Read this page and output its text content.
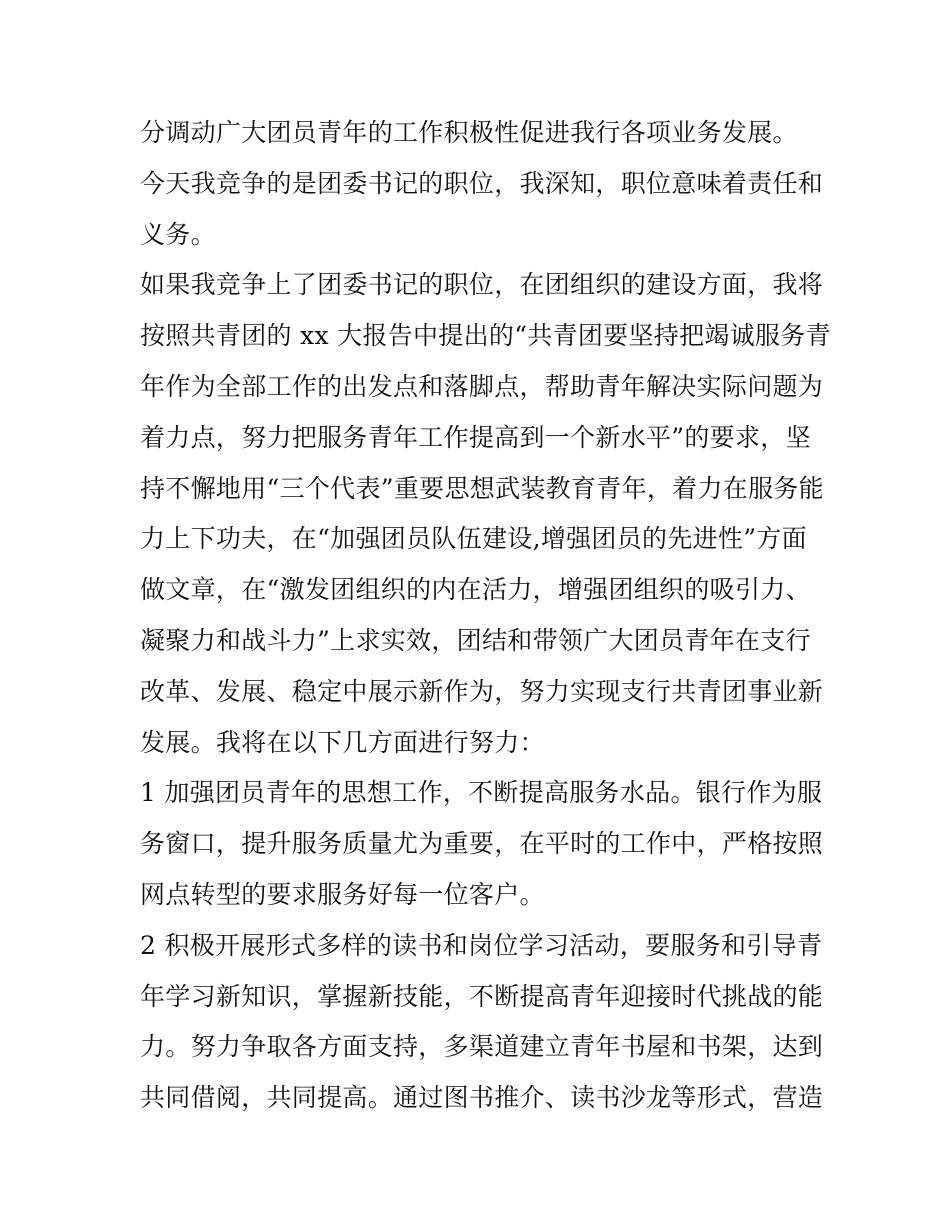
分调动广大团员青年的工作积极性促进我行各项业务发展。
今天我竞争的是团委书记的职位，我深知，职位意味着责任和
义务。
如果我竞争上了团委书记的职位，在团组织的建设方面，我将
按照共青团的 xx 大报告中提出的“共青团要坚持把竭诚服务青
年作为全部工作的出发点和落脚点，帮助青年解决实际问题为
着力点，努力把服务青年工作提高到一个新水平”的要求，坚
持不懈地用“三个代表”重要思想武装教育青年，着力在服务能
力上下功夫，在“加强团员队伍建设,增强团员的先进性”方面
做文章，在“激发团组织的内在活力，增强团组织的吸引力、
凝聚力和战斗力”上求实效，团结和带领广大团员青年在支行
改革、发展、稳定中展示新作为，努力实现支行共青团事业新
发展。我将在以下几方面进行努力：
1 加强团员青年的思想工作，不断提高服务水品。银行作为服
务窗口，提升服务质量尤为重要，在平时的工作中，严格按照
网点转型的要求服务好每一位客户。
2 积极开展形式多样的读书和岗位学习活动，要服务和引导青
年学习新知识，掌握新技能，不断提高青年迎接时代挑战的能
力。努力争取各方面支持，多渠道建立青年书屋和书架，达到
共同借阅，共同提高。通过图书推介、读书沙龙等形式，营造
